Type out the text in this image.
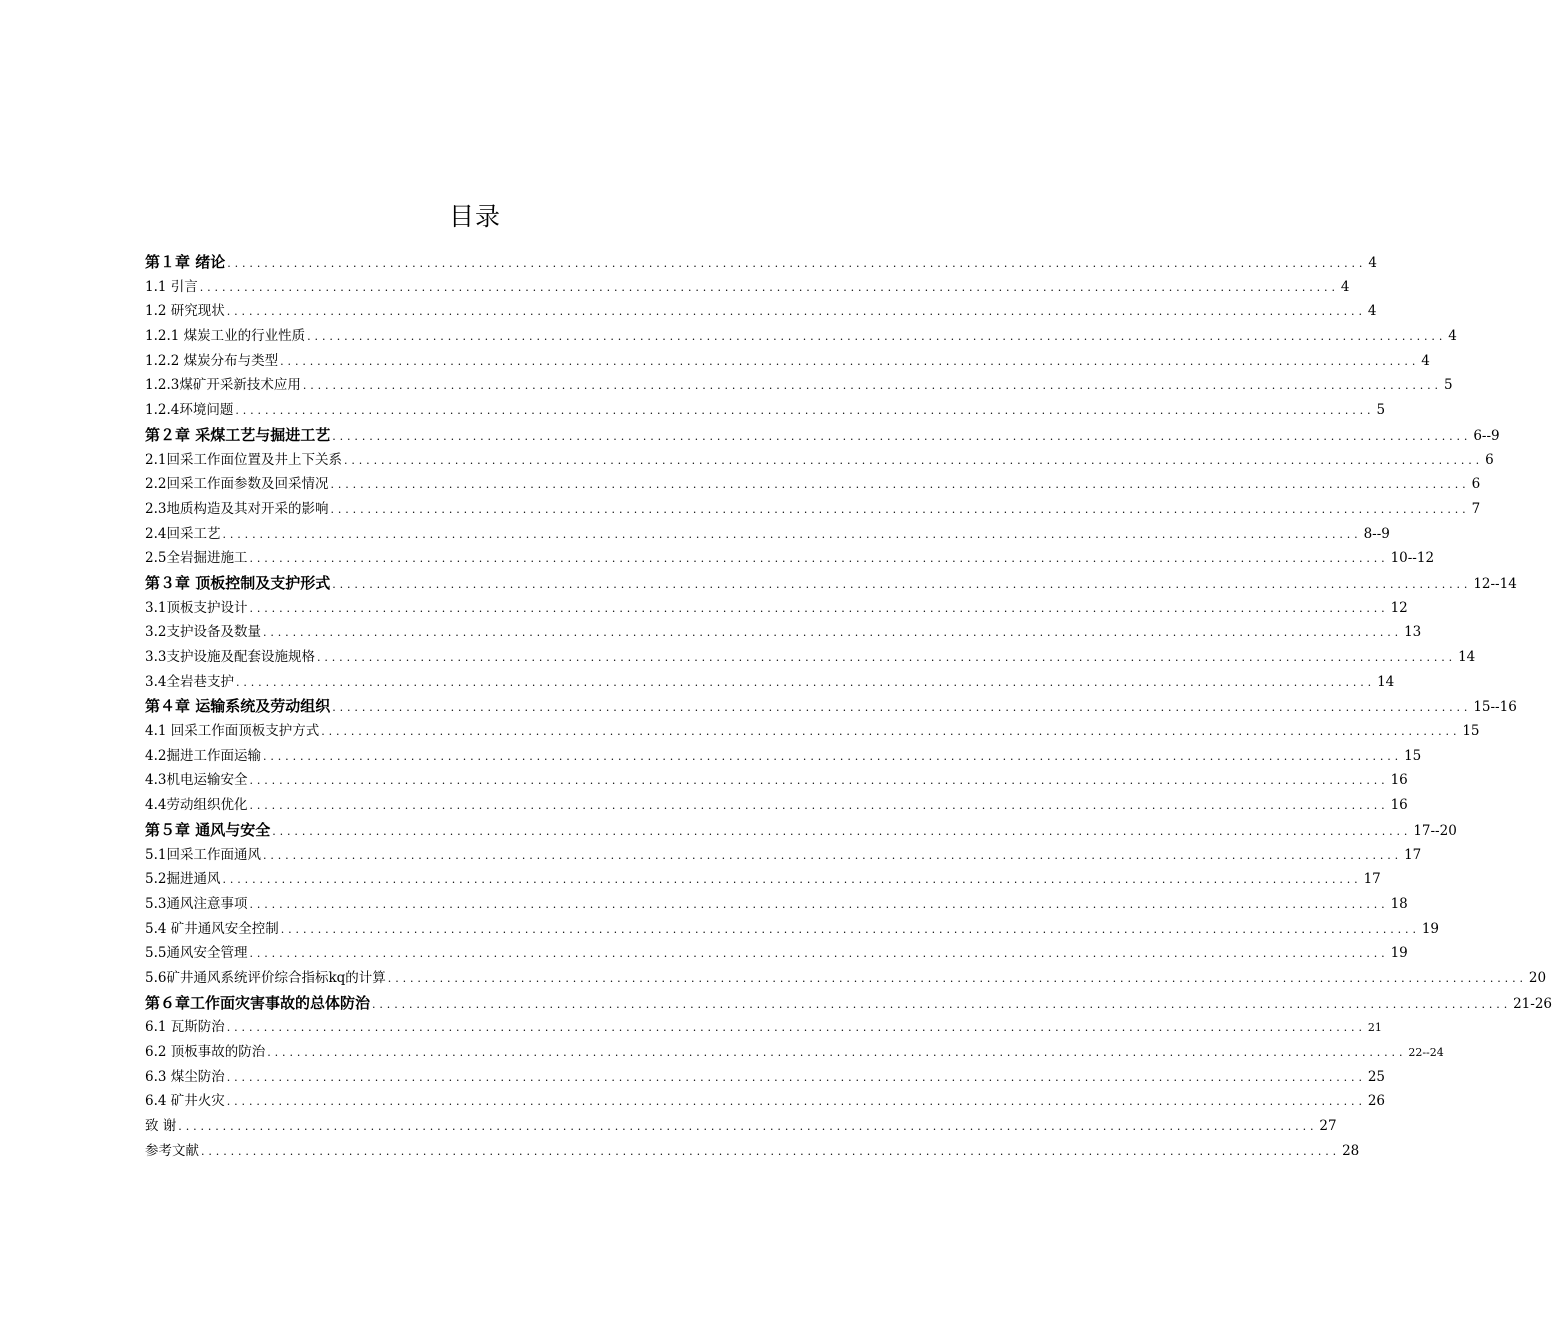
目录
第１章 绪论 .......................................................................................................................................................... 4
1.1 引言 .......................................................................................................................................................... 4
1.2 研究现状 .......................................................................................................................................................... 4
1.2.1 煤炭工业的行业性质 .......................................................................................................................................................... 4
1.2.2 煤炭分布与类型 .......................................................................................................................................................... 4
1.2.3煤矿开采新技术应用 .......................................................................................................................................................... 5
1.2.4环境问题 .......................................................................................................................................................... 5
第２章 采煤工艺与掘进工艺 .......................................................................................................................................................... 6--9
2.1回采工作面位置及井上下关系 .......................................................................................................................................................... 6
2.2回采工作面参数及回采情况 .......................................................................................................................................................... 6
2.3地质构造及其对开采的影响 .......................................................................................................................................................... 7
2.4回采工艺 .......................................................................................................................................................... 8--9
2.5全岩掘进施工 .......................................................................................................................................................... 10--12
第３章 顶板控制及支护形式 .......................................................................................................................................................... 12--14
3.1顶板支护设计 .......................................................................................................................................................... 12
3.2支护设备及数量 .......................................................................................................................................................... 13
3.3支护设施及配套设施规格 .......................................................................................................................................................... 14
3.4全岩巷支护 .......................................................................................................................................................... 14
第４章 运输系统及劳动组织 .......................................................................................................................................................... 15--16
4.1 回采工作面顶板支护方式 .......................................................................................................................................................... 15
4.2掘进工作面运输 .......................................................................................................................................................... 15
4.3机电运输安全 .......................................................................................................................................................... 16
4.4劳动组织优化 .......................................................................................................................................................... 16
第５章 通风与安全 .......................................................................................................................................................... 17--20
5.1回采工作面通风 .......................................................................................................................................................... 17
5.2掘进通风 .......................................................................................................................................................... 17
5.3通风注意事项 .......................................................................................................................................................... 18
5.4 矿井通风安全控制 .......................................................................................................................................................... 19
5.5通风安全管理 .......................................................................................................................................................... 19
5.6矿井通风系统评价综合指标kq的计算 .......................................................................................................................................................... 20
第６章工作面灾害事故的总体防治 .......................................................................................................................................................... 21-26
6.1 瓦斯防治 .......................................................................................................................................................... 21
6.2 顶板事故的防治 .......................................................................................................................................................... 22--24
6.3 煤尘防治 .......................................................................................................................................................... 25
6.4 矿井火灾 .......................................................................................................................................................... 26
致 谢 .......................................................................................................................................................... 27
参考文献 .......................................................................................................................................................... 28
